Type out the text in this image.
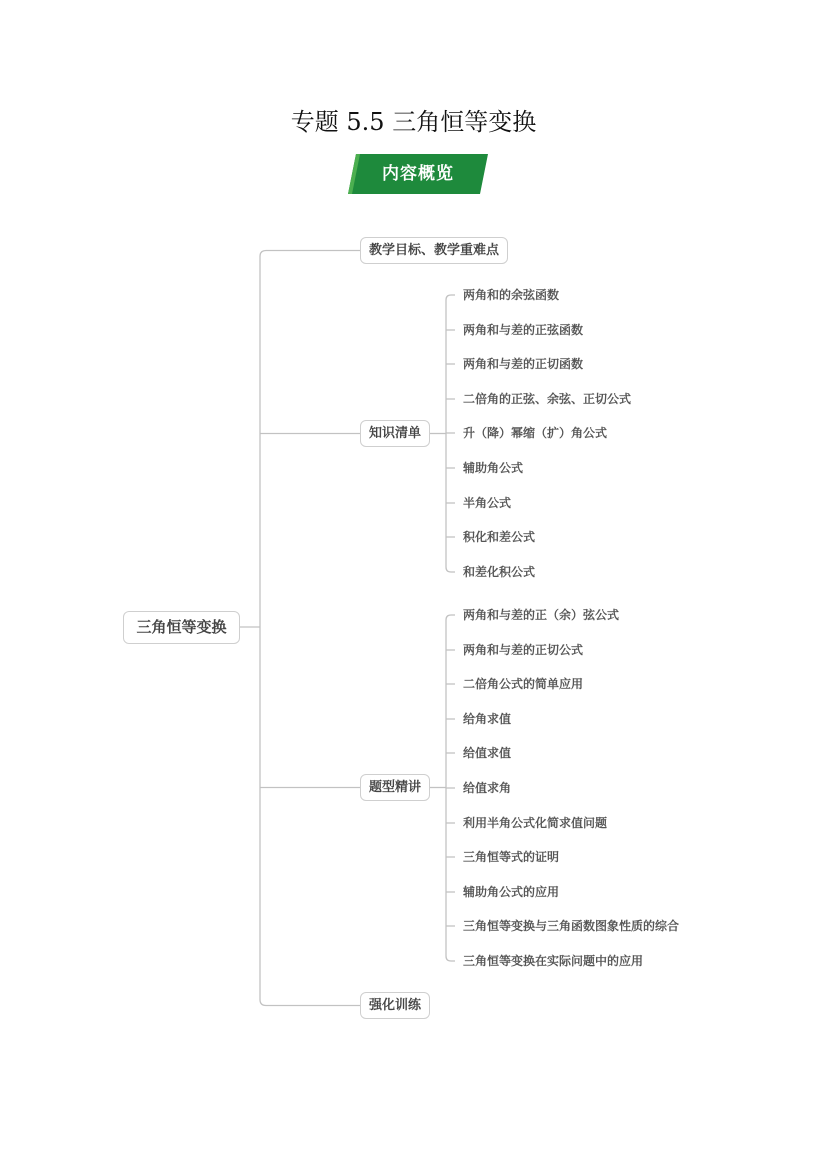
专题 5.5 三角恒等变换
内容概览
三角恒等变换
教学目标、教学重难点
知识清单
题型精讲
强化训练
两角和的余弦函数
两角和与差的正弦函数
两角和与差的正切函数
二倍角的正弦、余弦、正切公式
升（降）幂缩（扩）角公式
辅助角公式
半角公式
积化和差公式
和差化积公式
两角和与差的正（余）弦公式
两角和与差的正切公式
二倍角公式的简单应用
给角求值
给值求值
给值求角
利用半角公式化简求值问题
三角恒等式的证明
辅助角公式的应用
三角恒等变换与三角函数图象性质的综合
三角恒等变换在实际问题中的应用
